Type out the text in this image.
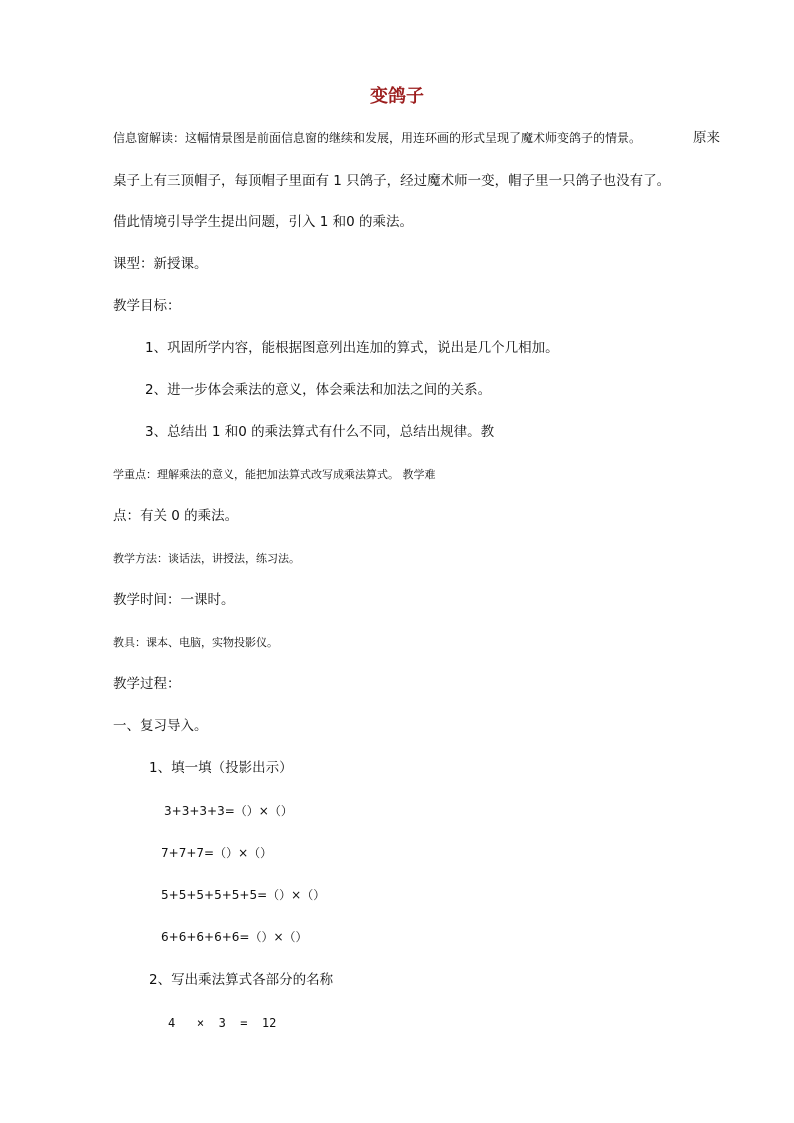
变鸽子
信息窗解读：这幅情景图是前面信息窗的继续和发展，用连环画的形式呈现了魔术师变鸽子的情景。	原来
桌子上有三顶帽子，每顶帽子里面有 1 只鸽子，经过魔术师一变，帽子里一只鸽子也没有了。
借此情境引导学生提出问题，引入 1 和0 的乘法。
课型：新授课。
教学目标：
1、巩固所学内容，能根据图意列出连加的算式，说出是几个几相加。
2、进一步体会乘法的意义，体会乘法和加法之间的关系。
3、总结出 1 和0 的乘法算式有什么不同，总结出规律。教
学重点：理解乘法的意义，能把加法算式改写成乘法算式。 教学难
点：有关 0 的乘法。
教学方法：谈话法，讲授法，练习法。
教学时间：一课时。
教具：课本、电脑，实物投影仪。
教学过程：
一、复习导入。
1、填一填（投影出示）
3+3+3+3=（）×（）
7+7+7=（）×（）
5+5+5+5+5+5=（）×（）
6+6+6+6+6=（）×（）
2、写出乘法算式各部分的名称
4   ×  3  =  12
